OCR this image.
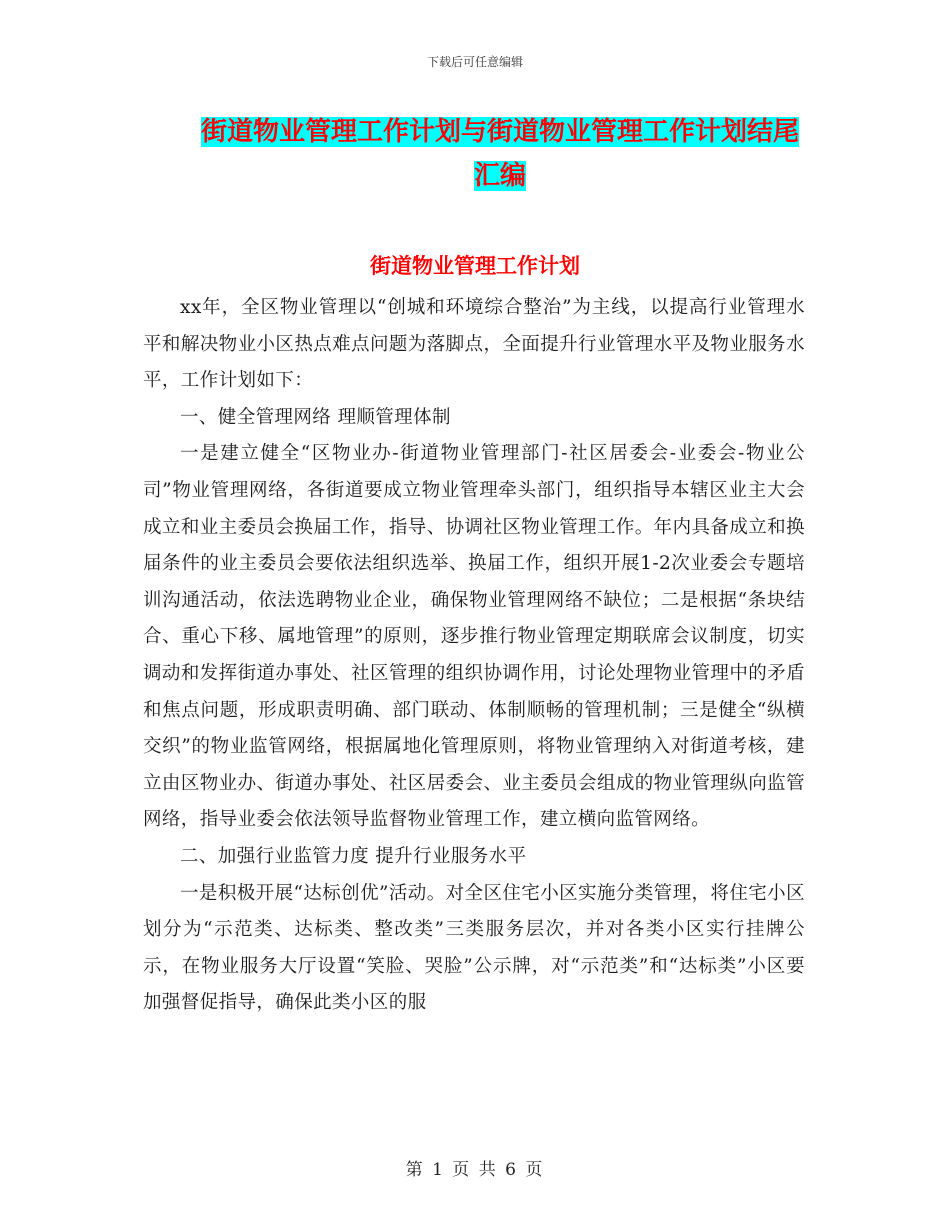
下载后可任意编辑
街道物业管理工作计划与街道物业管理工作计划结尾
汇编
街道物业管理工作计划

xx年，全区物业管理以“创城和环境综合整治”为主线，以提高行业管理水平和解决物业小区热点难点问题为落脚点，全面提升行业管理水平及物业服务水平，工作计划如下：

一、健全管理网络 理顺管理体制

一是建立健全“区物业办-街道物业管理部门-社区居委会-业委会-物业公司”物业管理网络，各街道要成立物业管理牵头部门，组织指导本辖区业主大会成立和业主委员会换届工作，指导、协调社区物业管理工作。年内具备成立和换届条件的业主委员会要依法组织选举、换届工作，组织开展1-2次业委会专题培训沟通活动，依法选聘物业企业，确保物业管理网络不缺位；二是根据“条块结合、重心下移、属地管理”的原则，逐步推行物业管理定期联席会议制度，切实调动和发挥街道办事处、社区管理的组织协调作用，讨论处理物业管理中的矛盾和焦点问题，形成职责明确、部门联动、体制顺畅的管理机制；三是健全“纵横交织”的物业监管网络，根据属地化管理原则，将物业管理纳入对街道考核，建立由区物业办、街道办事处、社区居委会、业主委员会组成的物业管理纵向监管网络，指导业委会依法领导监督物业管理工作，建立横向监管网络。

二、加强行业监管力度 提升行业服务水平

一是积极开展“达标创优”活动。对全区住宅小区实施分类管理，将住宅小区划分为“示范类、达标类、整改类”三类服务层次，并对各类小区实行挂牌公示，在物业服务大厅设置“笑脸、哭脸”公示牌，对“示范类”和“达标类”小区要加强督促指导，确保此类小区的服

第 1 页 共 6 页
